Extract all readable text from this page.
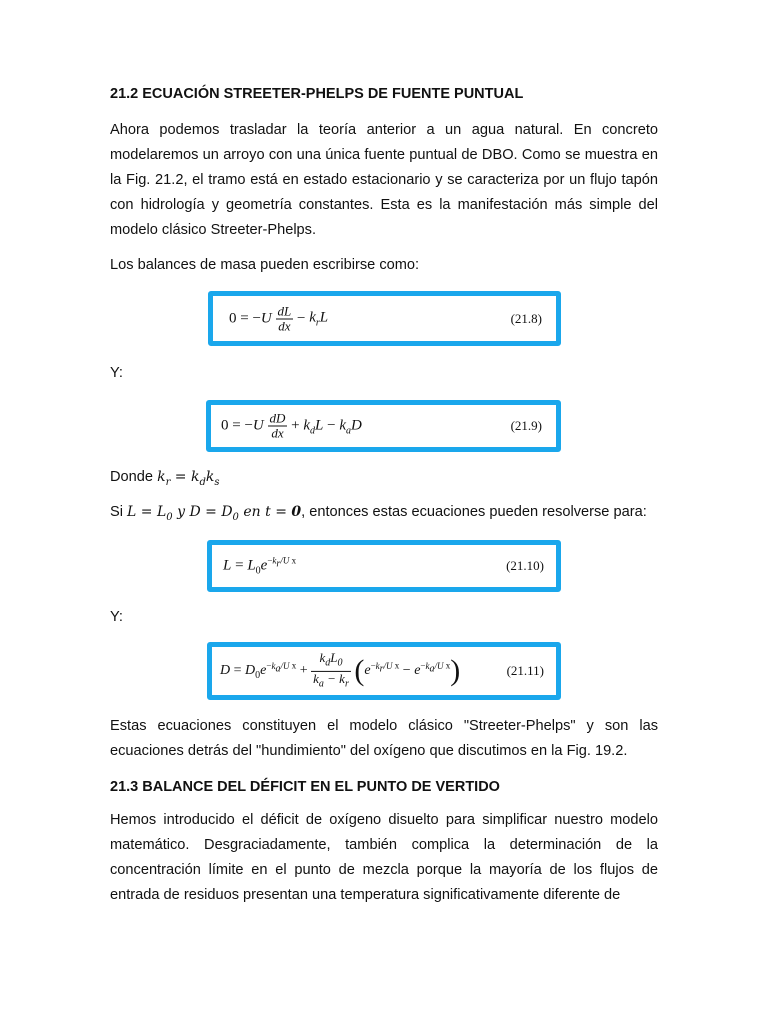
21.2 ECUACIÓN STREETER-PHELPS DE FUENTE PUNTUAL

Ahora podemos trasladar la teoría anterior a un agua natural. En concreto modelaremos un arroyo con una única fuente puntual de DBO. Como se muestra en la Fig. 21.2, el tramo está en estado estacionario y se caracteriza por un flujo tapón con hidrología y geometría constantes. Esta es la manifestación más simple del modelo clásico Streeter-Phelps.

Los balances de masa pueden escribirse como:

$0 = -U \frac{dL}{dx} - k_rL$	(21.8)

Y:

$0 = -U \frac{dD}{dx} + k_dL - k_aD$	(21.9)

Donde $k_r = k_dk_s$

Si $L = L_0$ y $D = D_0$ en t = 0, entonces estas ecuaciones pueden resolverse para:

$L = L_0e^{-k_r/U x}$	(21.10)

Y:

$D = D_0e^{-k_a/U x} + \frac{k_dL_0}{k_a - k_r} (e^{-k_r/U x} - e^{-k_a/U x})$	(21.11)

Estas ecuaciones constituyen el modelo clásico "Streeter-Phelps" y son las ecuaciones detrás del "hundimiento" del oxígeno que discutimos en la Fig. 19.2.

21.3 BALANCE DEL DÉFICIT EN EL PUNTO DE VERTIDO

Hemos introducido el déficit de oxígeno disuelto para simplificar nuestro modelo matemático. Desgraciadamente, también complica la determinación de la concentración límite en el punto de mezcla porque la mayoría de los flujos de entrada de residuos presentan una temperatura significativamente diferente de
